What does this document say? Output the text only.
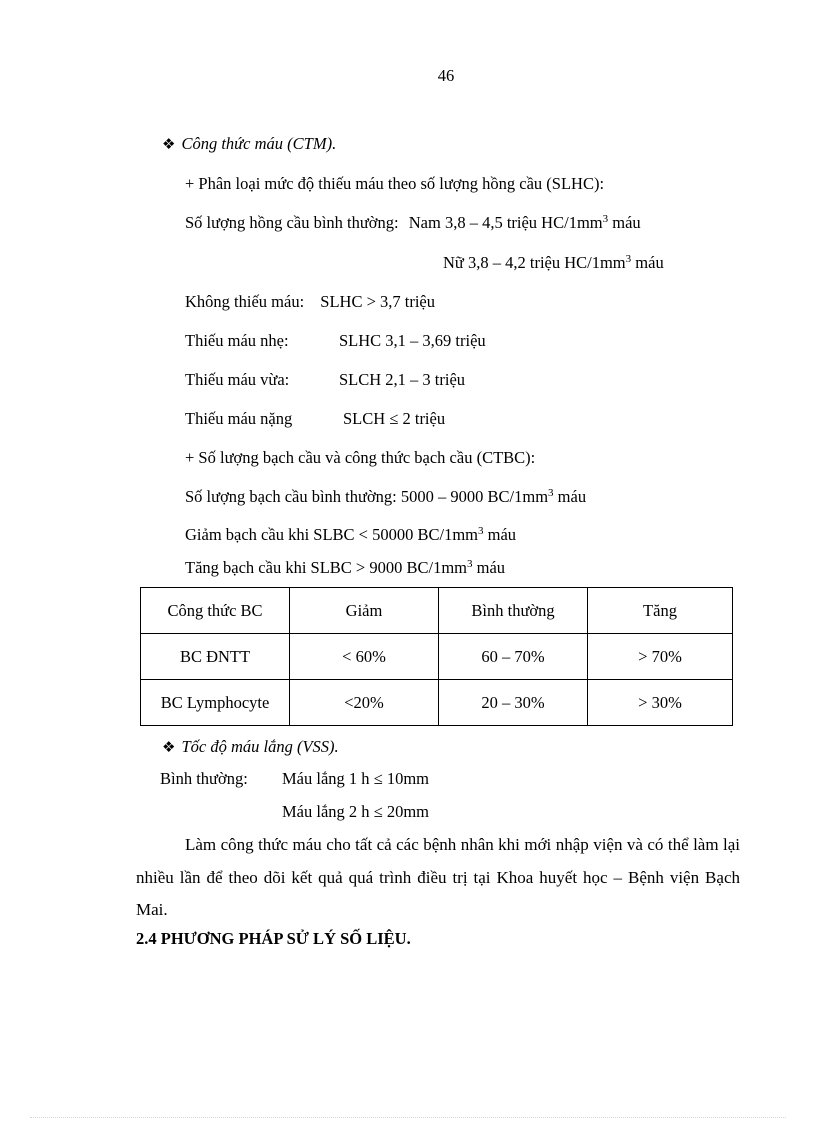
46
❖ Công thức máu (CTM).
+ Phân loại mức độ thiếu máu theo số lượng hồng cầu (SLHC):
Số lượng hồng cầu bình thường: Nam 3,8 – 4,5 triệu $HC/1mm^3$ máu
Nữ 3,8 – 4,2 triệu $HC/1mm^3$ máu
Không thiếu máu: SLHC > 3,7 triệu
Thiếu máu nhẹ:	SLHC 3,1 – 3,69 triệu
Thiếu máu vừa:	SLCH 2,1 – 3 triệu
Thiếu máu nặng	SLCH ≤ 2 triệu
+ Số lượng bạch cầu và công thức bạch cầu (CTBC):
Số lượng bạch cầu bình thường: 5000 – 9000 $BC/1mm^3$ máu
Giảm bạch cầu khi SLBC < 50000 $BC/1mm^3$ máu
Tăng bạch cầu khi SLBC > 9000 $BC/1mm^3$ máu
Công thức BC	Giảm	Bình thường	Tăng
BC ĐNTT	< 60%	60 – 70%	> 70%
BC Lymphocyte	<20%	20 – 30%	> 30%
❖ Tốc độ máu lắng (VSS).
Bình thường: Máu lắng 1 h ≤ 10mm
Máu lắng 2 h ≤ 20mm
Làm công thức máu cho tất cả các bệnh nhân khi mới nhập viện và có thể làm lại nhiều lần để theo dõi kết quả quá trình điều trị tại Khoa huyết học – Bệnh viện Bạch Mai.
2.4 PHƯƠNG PHÁP SỬ LÝ SỐ LIỆU.
